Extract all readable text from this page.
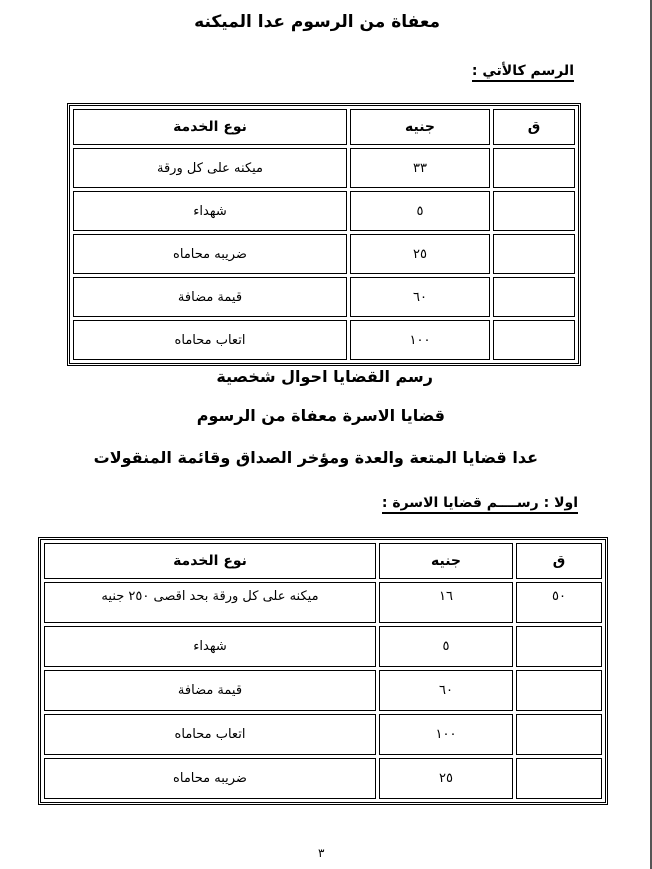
معفاة من الرسوم عدا الميكنه
الرسم كالأتي :
ق	جنيه	نوع الخدمة
	٣٣	ميكنه على كل ورقة
	٥	شهداء
	٢٥	ضريبه محاماه
	٦٠	قيمة مضافة
	١٠٠	اتعاب محاماه
رسم القضايا احوال شخصية
قضايا الاسرة معفاة من الرسوم
عدا قضايا المتعة والعدة ومؤخر الصداق وقائمة المنقولات
اولا : رســــم قضايا الاسرة :
ق	جنيه	نوع الخدمة
٥٠	١٦	ميكنه على كل ورقة بحد اقصى ٢٥٠ جنيه
	٥	شهداء
	٦٠	قيمة مضافة
	١٠٠	اتعاب محاماه
	٢٥	ضريبه محاماه
٣
